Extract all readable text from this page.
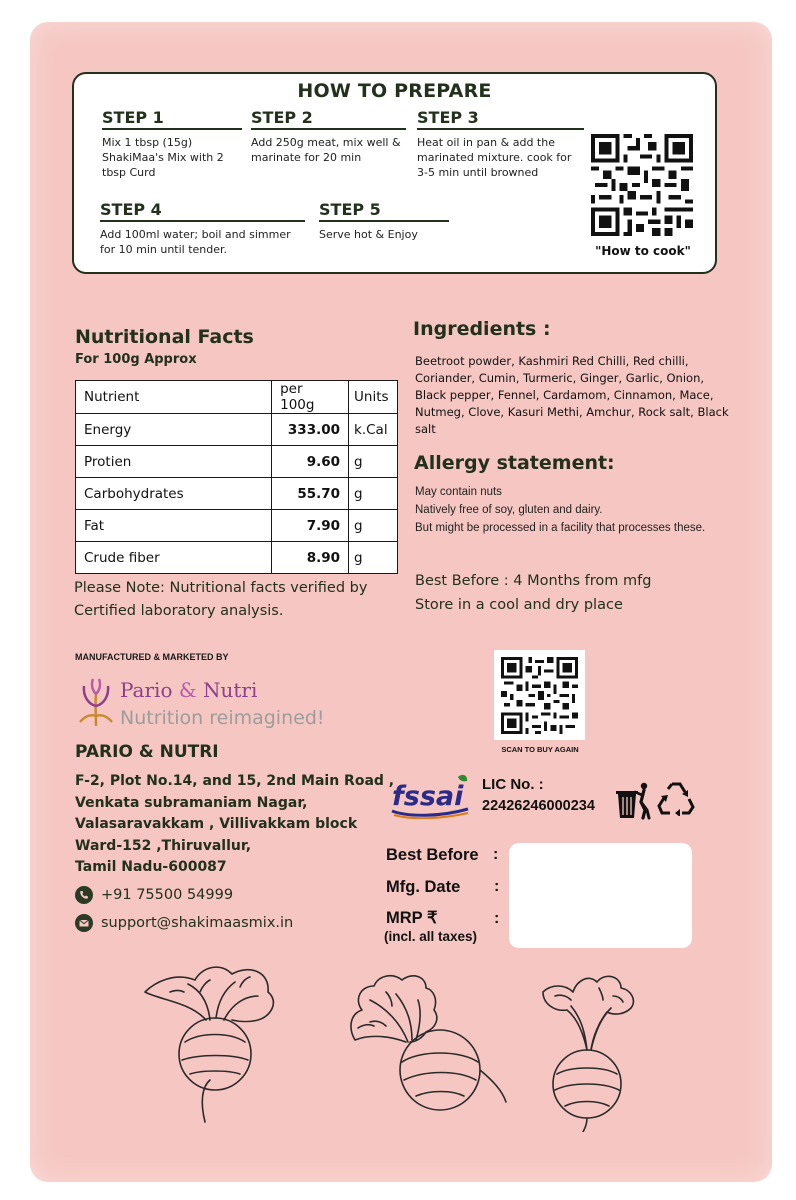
HOW TO PREPARE
STEP 1
Mix 1 tbsp (15g) ShakiMaa's Mix with 2 tbsp Curd
STEP 2
Add 250g meat, mix well & marinate for 20 min
STEP 3
Heat oil in pan & add the marinated mixture. cook for 3-5 min until browned
STEP 4
Add 100ml water; boil and simmer for 10 min until tender.
STEP 5
Serve hot & Enjoy
"How to cook"
Nutritional Facts
For 100g Approx
Nutrient	per 100g	Units
Energy	333.00	k.Cal
Protien	9.60	g
Carbohydrates	55.70	g
Fat	7.90	g
Crude fiber	8.90	g
Please Note: Nutritional facts verified by Certified laboratory analysis.
Ingredients :
Beetroot powder, Kashmiri Red Chilli, Red chilli, Coriander, Cumin, Turmeric, Ginger, Garlic, Onion, Black pepper, Fennel, Cardamom, Cinnamon, Mace, Nutmeg, Clove, Kasuri Methi, Amchur, Rock salt, Black salt
Allergy statement:
May contain nuts
Natively free of soy, gluten and dairy.
But might be processed in a facility that processes these.
Best Before : 4 Months from mfg
Store in a cool and dry place
MANUFACTURED & MARKETED BY
Pario & Nutri
Nutrition reimagined!
PARIO & NUTRI
F-2, Plot No.14, and 15, 2nd Main Road ,
Venkata subramaniam Nagar,
Valasaravakkam , Villivakkam block
Ward-152 ,Thiruvallur,
Tamil Nadu-600087
+91 75500 54999
support@shakimaasmix.in
SCAN TO BUY AGAIN
fssai LIC No. :
22426246000234
Best Before :
Mfg. Date :
MRP ₹
(incl. all taxes)
:
